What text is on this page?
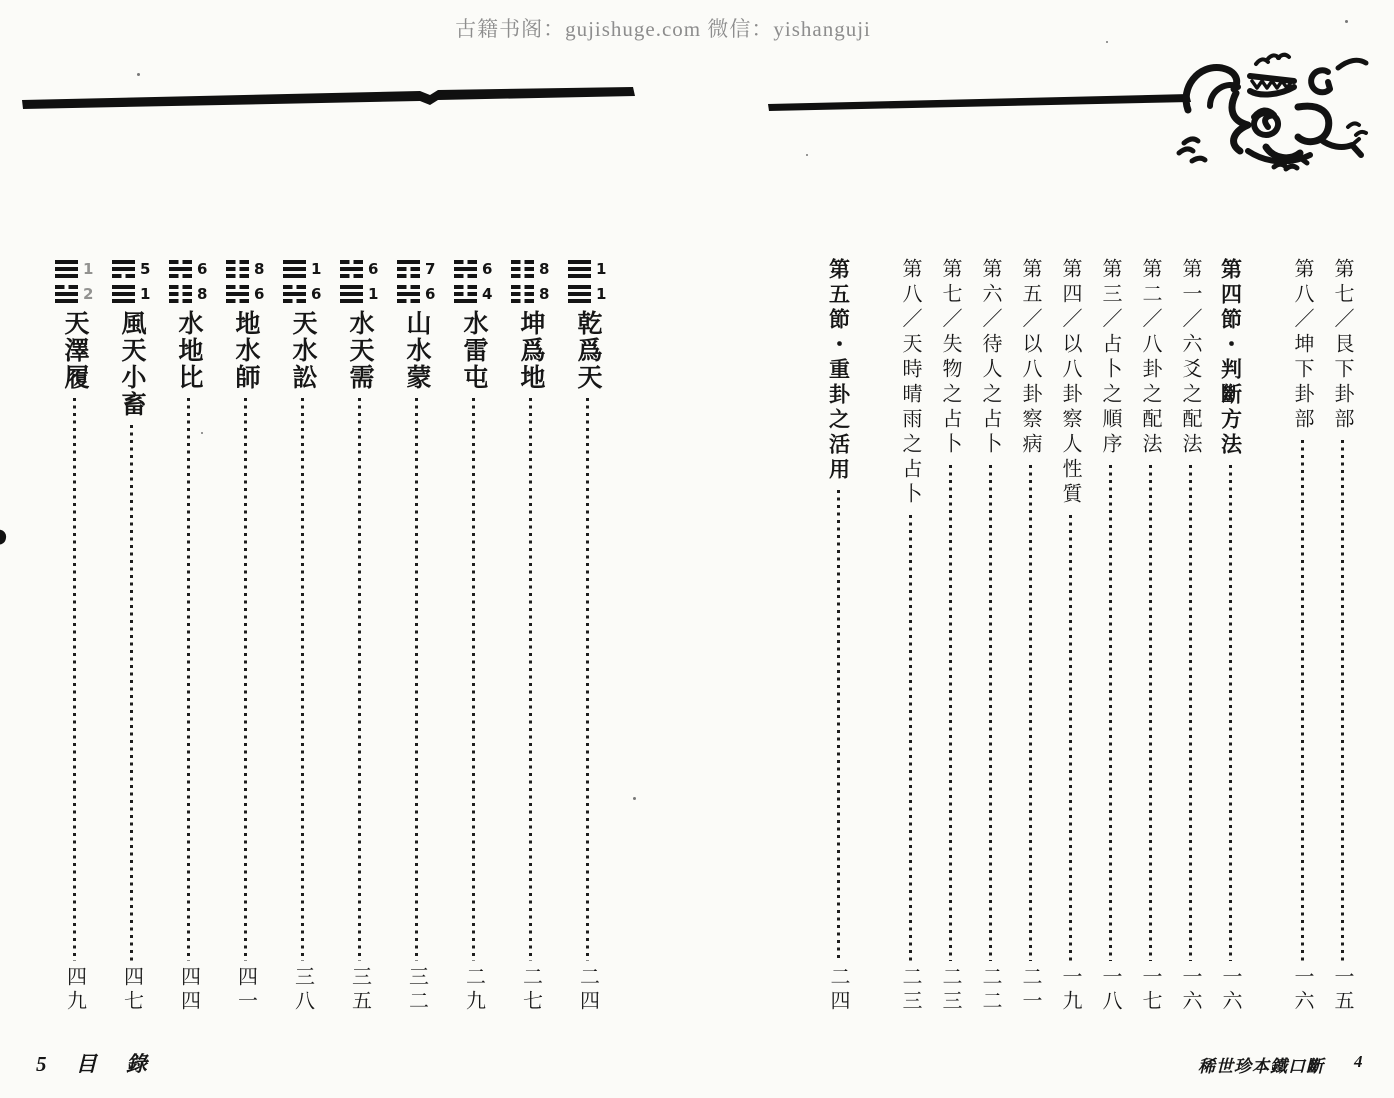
古籍书阁：gujishuge.com 微信：yishanguji
1
1
乾爲天
二四
8
8
坤爲地
二七
6
4
水雷屯
二九
7
6
山水蒙
三二
6
1
水天需
三五
1
6
天水訟
三八
8
6
地水師
四一
6
8
水地比
四四
5
1
風天小畜
四七
1
2
天澤履
四九
第七／艮下卦部
一五
第八／坤下卦部
一六
第四節・判斷方法
一六
第一／六爻之配法
一六
第二／八卦之配法
一七
第三／占卜之順序
一八
第四／以八卦察人性質
一九
第五／以八卦察病
二一
第六／待人之占卜
二二
第七／失物之占卜
二三
第八／天時晴雨之占卜
二三
第五節・重卦之活用
二四
5 目 錄	稀世珍本鐵口斷 4
